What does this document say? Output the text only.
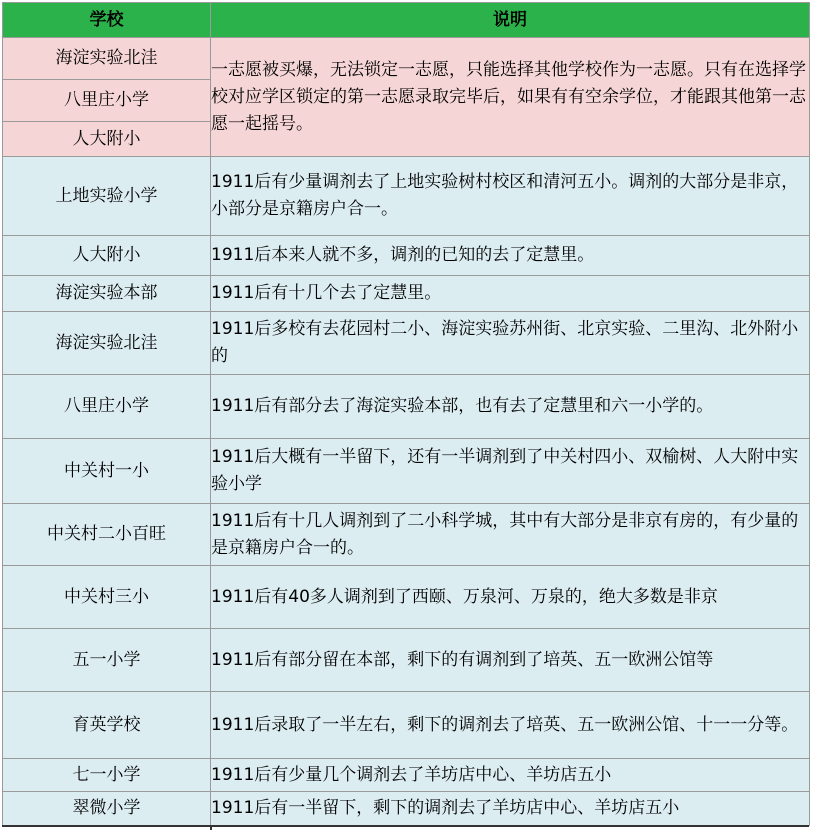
学校	说明
海淀实验北洼	一志愿被买爆，无法锁定一志愿，只能选择其他学校作为一志愿。只有在选择学校对应学区锁定的第一志愿录取完毕后，如果有有空余学位，才能跟其他第一志愿一起摇号。
八里庄小学	
人大附小	
上地实验小学	1911后有少量调剂去了上地实验树村校区和清河五小。调剂的大部分是非京，小部分是京籍房户合一。
人大附小	1911后本来人就不多，调剂的已知的去了定慧里。
海淀实验本部	1911后有十几个去了定慧里。
海淀实验北洼	1911后多校有去花园村二小、海淀实验苏州街、北京实验、二里沟、北外附小的
八里庄小学	1911后有部分去了海淀实验本部，也有去了定慧里和六一小学的。
中关村一小	1911后大概有一半留下，还有一半调剂到了中关村四小、双榆树、人大附中实验小学
中关村二小百旺	1911后有十几人调剂到了二小科学城，其中有大部分是非京有房的，有少量的是京籍房户合一的。
中关村三小	1911后有40多人调剂到了西颐、万泉河、万泉的，绝大多数是非京
五一小学	1911后有部分留在本部，剩下的有调剂到了培英、五一欧洲公馆等
育英学校	1911后录取了一半左右，剩下的调剂去了培英、五一欧洲公馆、十一一分等。
七一小学	1911后有少量几个调剂去了羊坊店中心、羊坊店五小
翠微小学	1911后有一半留下，剩下的调剂去了羊坊店中心、羊坊店五小
